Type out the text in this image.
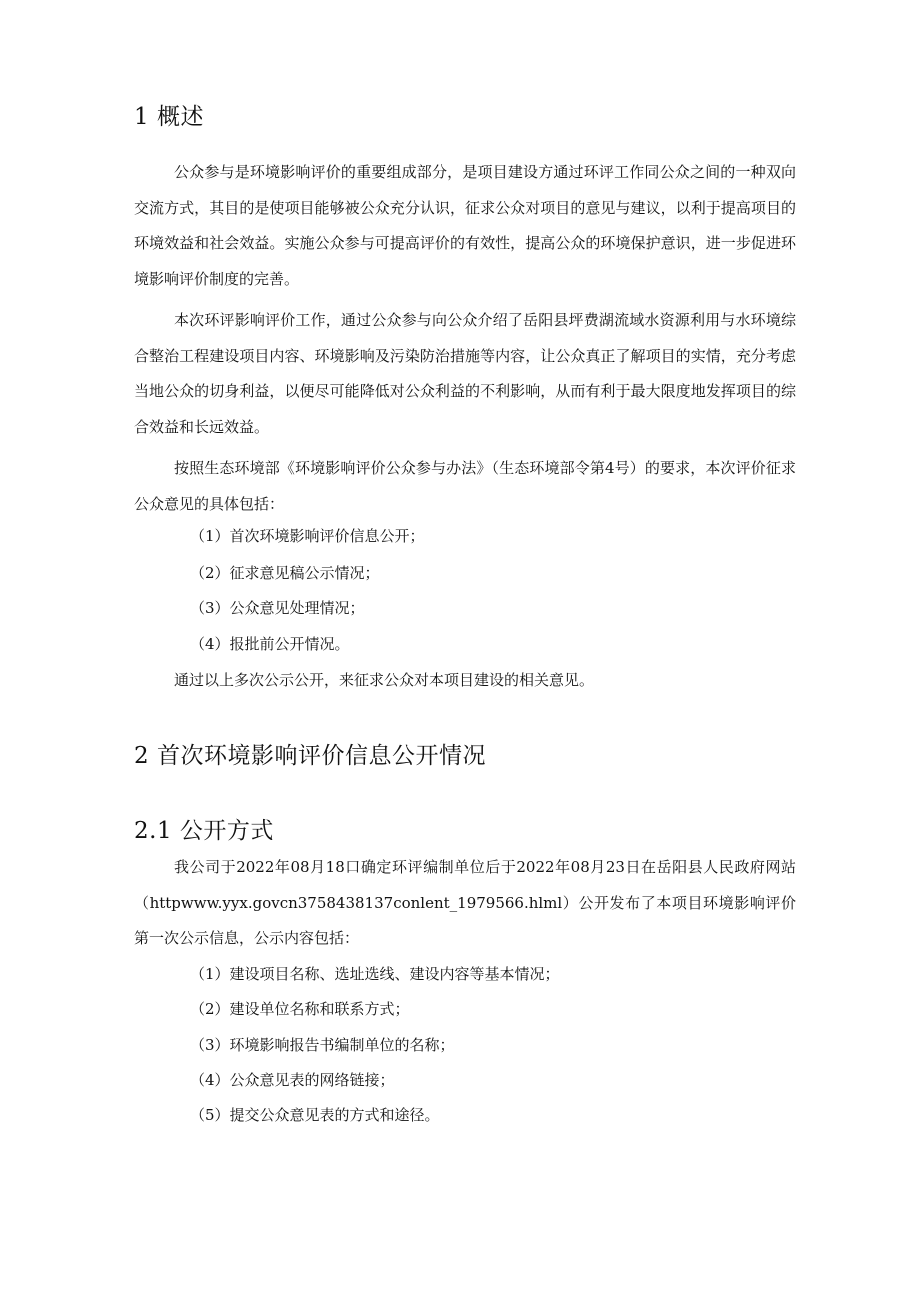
1 概述

公众参与是环境影响评价的重要组成部分，是项目建设方通过环评工作同公众之间的一种双向交流方式，其目的是使项目能够被公众充分认识，征求公众对项目的意见与建议，以利于提高项目的环境效益和社会效益。实施公众参与可提高评价的有效性，提高公众的环境保护意识，进一步促进环境影响评价制度的完善。

本次环评影响评价工作，通过公众参与向公众介绍了岳阳县坪费湖流域水资源利用与水环境综合整治工程建设项目内容、环境影响及污染防治措施等内容，让公众真正了解项目的实情，充分考虑当地公众的切身利益，以便尽可能降低对公众利益的不利影响，从而有利于最大限度地发挥项目的综合效益和长远效益。

按照生态环境部《环境影响评价公众参与办法》（生态环境部令第4号）的要求，本次评价征求公众意见的具体包括：

（1）首次环境影响评价信息公开；
（2）征求意见稿公示情况；
（3）公众意见处理情况；
（4）报批前公开情况。
通过以上多次公示公开，来征求公众对本项目建设的相关意见。
2 首次环境影响评价信息公开情况
2.1 公开方式

我公司于2022年08月18口确定环评编制单位后于2022年08月23日在岳阳县人民政府网站（httpwww.yyx.govcn3758438137conlent_1979566.hlml）公开发布了本项目环境影响评价第一次公示信息，公示内容包括：

（1）建设项目名称、选址选线、建设内容等基本情况；
（2）建设单位名称和联系方式；
（3）环境影响报告书编制单位的名称；
（4）公众意见表的网络链接；
（5）提交公众意见表的方式和途径。
